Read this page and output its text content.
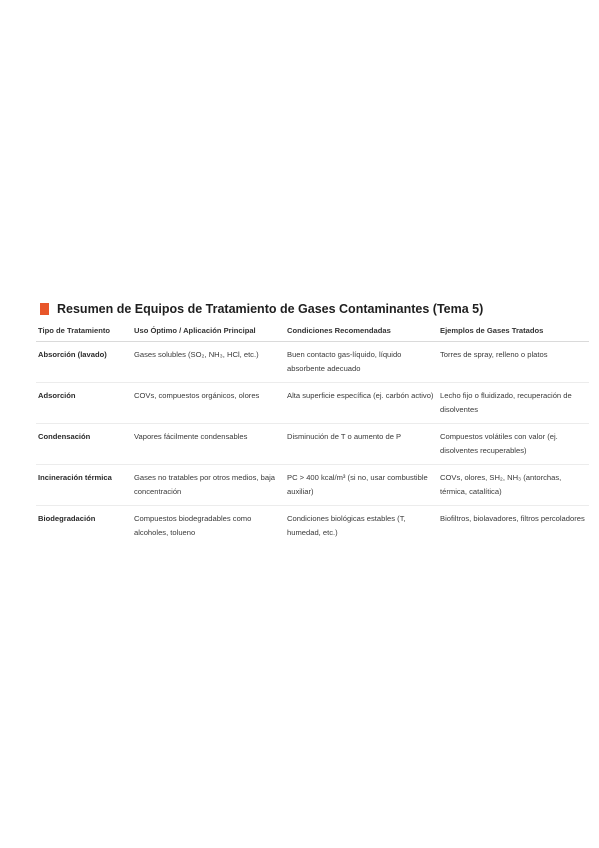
Resumen de Equipos de Tratamiento de Gases Contaminantes (Tema 5)
Tipo de Tratamiento	Uso Óptimo / Aplicación Principal	Condiciones Recomendadas	Ejemplos de Gases Tratados
Absorción (lavado)	Gases solubles (SO₂, NH₃, HCl, etc.)	Buen contacto gas-líquido, líquido absorbente adecuado	Torres de spray, relleno o platos
Adsorción	COVs, compuestos orgánicos, olores	Alta superficie específica (ej. carbón activo)	Lecho fijo o fluidizado, recuperación de disolventes
Condensación	Vapores fácilmente condensables	Disminución de T o aumento de P	Compuestos volátiles con valor (ej. disolventes recuperables)
Incineración térmica	Gases no tratables por otros medios, baja concentración	PC > 400 kcal/m³ (si no, usar combustible auxiliar)	COVs, olores, SH₂, NH₃ (antorchas, térmica, catalítica)
Biodegradación	Compuestos biodegradables como alcoholes, tolueno	Condiciones biológicas estables (T, humedad, etc.)	Biofiltros, biolavadores, filtros percoladores
